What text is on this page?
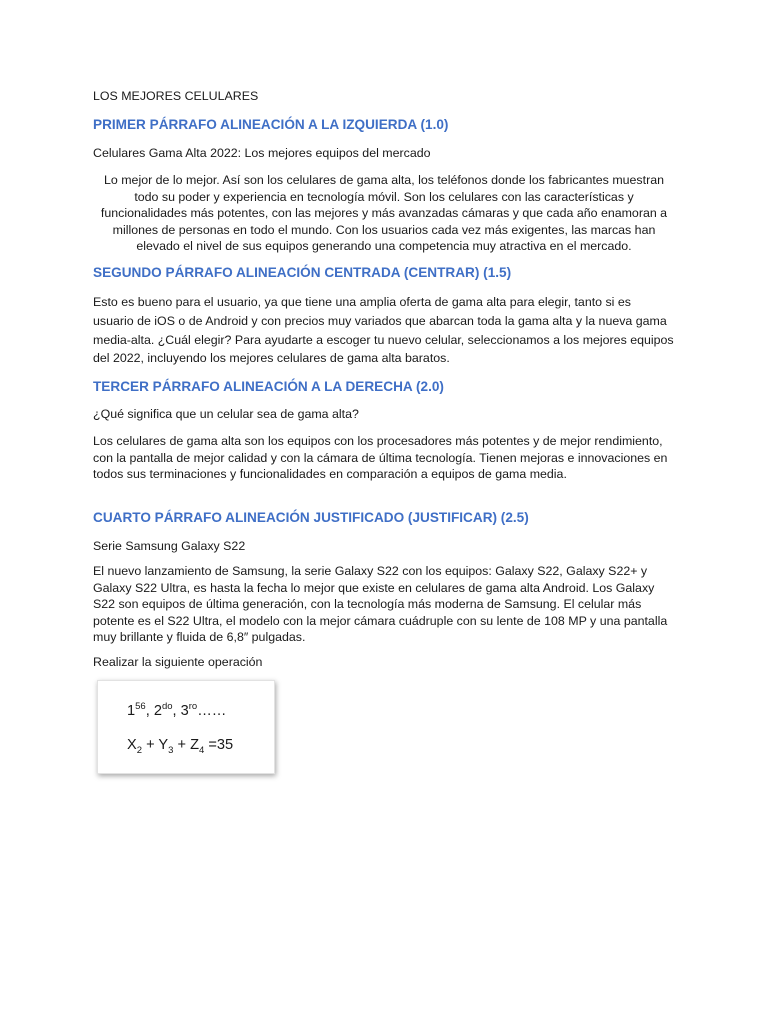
LOS MEJORES CELULARES

PRIMER PÁRRAFO ALINEACIÓN A LA IZQUIERDA (1.0)

Celulares Gama Alta 2022: Los mejores equipos del mercado

Lo mejor de lo mejor. Así son los celulares de gama alta, los teléfonos donde los fabricantes muestran todo su poder y experiencia en tecnología móvil. Son los celulares con las características y funcionalidades más potentes, con las mejores y más avanzadas cámaras y que cada año enamoran a millones de personas en todo el mundo. Con los usuarios cada vez más exigentes, las marcas han elevado el nivel de sus equipos generando una competencia muy atractiva en el mercado.

SEGUNDO PÁRRAFO ALINEACIÓN CENTRADA (CENTRAR) (1.5)

Esto es bueno para el usuario, ya que tiene una amplia oferta de gama alta para elegir, tanto si es usuario de iOS o de Android y con precios muy variados que abarcan toda la gama alta y la nueva gama media-alta. ¿Cuál elegir? Para ayudarte a escoger tu nuevo celular, seleccionamos a los mejores equipos del 2022, incluyendo los mejores celulares de gama alta baratos.

TERCER PÁRRAFO ALINEACIÓN A LA DERECHA (2.0)

¿Qué significa que un celular sea de gama alta?

Los celulares de gama alta son los equipos con los procesadores más potentes y de mejor rendimiento, con la pantalla de mejor calidad y con la cámara de última tecnología. Tienen mejoras e innovaciones en todos sus terminaciones y funcionalidades en comparación a equipos de gama media.

CUARTO PÁRRAFO ALINEACIÓN JUSTIFICADO (JUSTIFICAR) (2.5)

Serie Samsung Galaxy S22

El nuevo lanzamiento de Samsung, la serie Galaxy S22 con los equipos: Galaxy S22, Galaxy S22+ y Galaxy S22 Ultra, es hasta la fecha lo mejor que existe en celulares de gama alta Android. Los Galaxy S22 son equipos de última generación, con la tecnología más moderna de Samsung. El celular más potente es el S22 Ultra, el modelo con la mejor cámara cuádruple con su lente de 108 MP y una pantalla muy brillante y fluida de 6,8″ pulgadas.

Realizar la siguiente operación

$1^{56}$, $2^{do}$, $3^{ro}\dots\dots$
$X_2 + Y_3 + Z_4 =35$
